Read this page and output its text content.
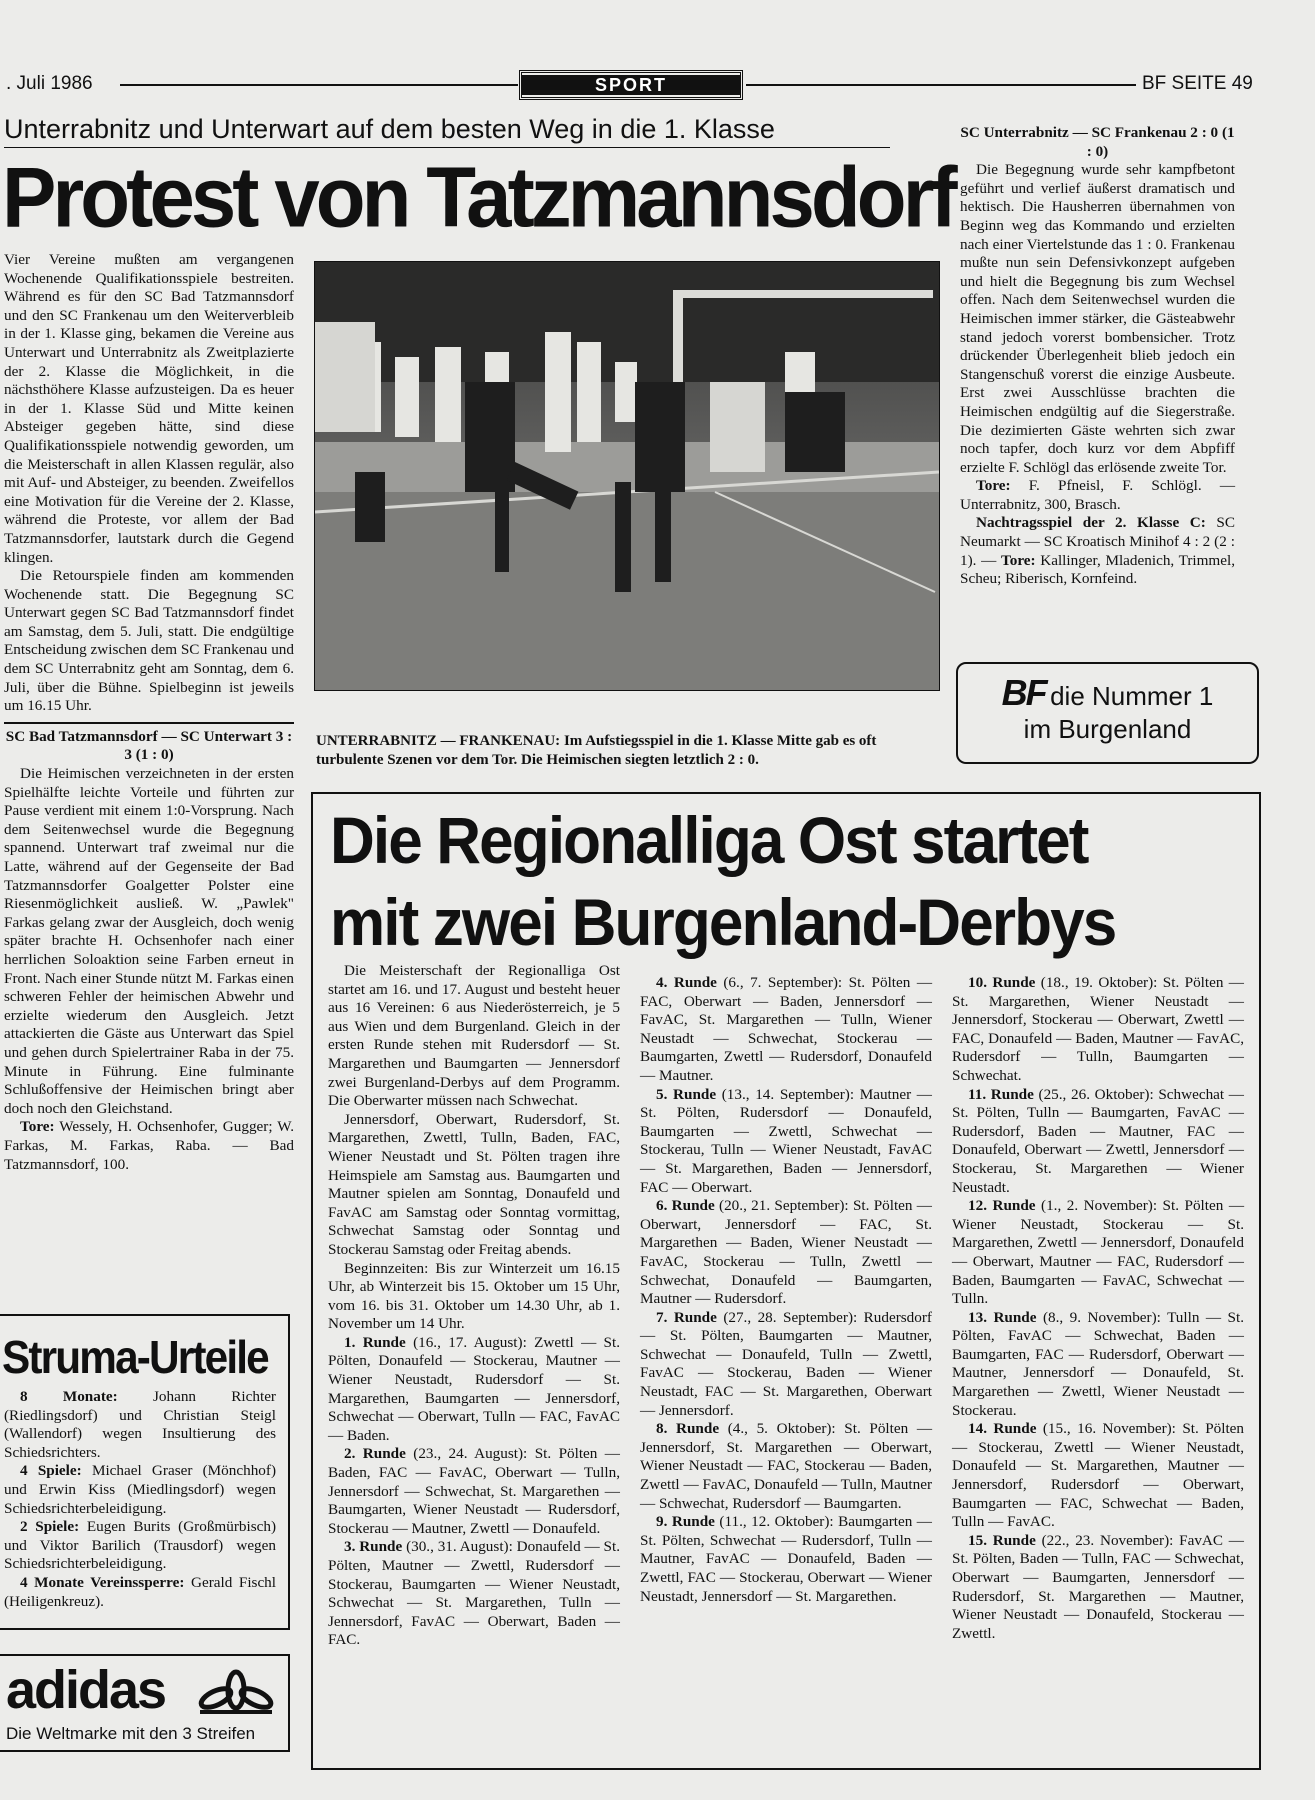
. Juli 1986	SPORT	BF SEITE 49
Unterrabnitz und Unterwart auf dem besten Weg in die 1. Klasse
Protest von Tatzmannsdorf

Vier Vereine mußten am vergangenen Wochenende Qualifikationsspiele bestreiten. Während es für den SC Bad Tatzmannsdorf und den SC Frankenau um den Weiterverbleib in der 1. Klasse ging, bekamen die Vereine aus Unterwart und Unterrabnitz als Zweitplazierte der 2. Klasse die Möglichkeit, in die nächsthöhere Klasse aufzusteigen. Da es heuer in der 1. Klasse Süd und Mitte keinen Absteiger gegeben hätte, sind diese Qualifikationsspiele notwendig geworden, um die Meisterschaft in allen Klassen regulär, also mit Auf- und Absteiger, zu beenden. Zweifellos eine Motivation für die Vereine der 2. Klasse, während die Proteste, vor allem der Bad Tatzmannsdorfer, lautstark durch die Gegend klingen.

Die Retourspiele finden am kommenden Wochenende statt. Die Begegnung SC Unterwart gegen SC Bad Tatzmannsdorf findet am Samstag, dem 5. Juli, statt. Die endgültige Entscheidung zwischen dem SC Frankenau und dem SC Unterrabnitz geht am Sonntag, dem 6. Juli, über die Bühne. Spielbeginn ist jeweils um 16.15 Uhr.

SC Bad Tatzmannsdorf — SC Unterwart 3 : 3 (1 : 0)

Die Heimischen verzeichneten in der ersten Spielhälfte leichte Vorteile und führten zur Pause verdient mit einem 1:0-Vorsprung. Nach dem Seitenwechsel wurde die Begegnung spannend. Unterwart traf zweimal nur die Latte, während auf der Gegenseite der Bad Tatzmannsdorfer Goalgetter Polster eine Riesenmöglichkeit ausließ. W. „Pawlek" Farkas gelang zwar der Ausgleich, doch wenig später brachte H. Ochsenhofer nach einer herrlichen Soloaktion seine Farben erneut in Front. Nach einer Stunde nützt M. Farkas einen schweren Fehler der heimischen Abwehr und erzielte wiederum den Ausgleich. Jetzt attackierten die Gäste aus Unterwart das Spiel und gehen durch Spielertrainer Raba in der 75. Minute in Führung. Eine fulminante Schlußoffensive der Heimischen bringt aber doch noch den Gleichstand.

Tore: Wessely, H. Ochsenhofer, Gugger; W. Farkas, M. Farkas, Raba. — Bad Tatzmannsdorf, 100.

UNTERRABNITZ — FRANKENAU: Im Aufstiegsspiel in die 1. Klasse Mitte gab es oft turbulente Szenen vor dem Tor. Die Heimischen siegten letztlich 2 : 0.

SC Unterrabnitz — SC Frankenau 2 : 0 (1 : 0)

Die Begegnung wurde sehr kampfbetont geführt und verlief äußerst dramatisch und hektisch. Die Hausherren übernahmen von Beginn weg das Kommando und erzielten nach einer Viertelstunde das 1 : 0. Frankenau mußte nun sein Defensivkonzept aufgeben und hielt die Begegnung bis zum Wechsel offen. Nach dem Seitenwechsel wurden die Heimischen immer stärker, die Gästeabwehr stand jedoch vorerst bombensicher. Trotz drückender Überlegenheit blieb jedoch ein Stangenschuß vorerst die einzige Ausbeute. Erst zwei Ausschlüsse brachten die Heimischen endgültig auf die Siegerstraße. Die dezimierten Gäste wehrten sich zwar noch tapfer, doch kurz vor dem Abpfiff erzielte F. Schlögl das erlösende zweite Tor.

Tore: F. Pfneisl, F. Schlögl. — Unterrabnitz, 300, Brasch.

Nachtragsspiel der 2. Klasse C: SC Neumarkt — SC Kroatisch Minihof 4 : 2 (2 : 1). — Tore: Kallinger, Mladenich, Trimmel, Scheu; Riberisch, Kornfeind.

BF die Nummer 1
im Burgenland
Struma-Urteile

8 Monate: Johann Richter (Riedlingsdorf) und Christian Steigl (Wallendorf) wegen Insultierung des Schiedsrichters.

4 Spiele: Michael Graser (Mönchhof) und Erwin Kiss (Miedlingsdorf) wegen Schiedsrichterbeleidigung.

2 Spiele: Eugen Burits (Großmürbisch) und Viktor Barilich (Trausdorf) wegen Schiedsrichterbeleidigung.

4 Monate Vereinssperre: Gerald Fischl (Heiligenkreuz).

adidas
Die Weltmarke mit den 3 Streifen
Die Regionalliga Ost startet
mit zwei Burgenland-Derbys

Die Meisterschaft der Regionalliga Ost startet am 16. und 17. August und besteht heuer aus 16 Vereinen: 6 aus Niederösterreich, je 5 aus Wien und dem Burgenland. Gleich in der ersten Runde stehen mit Rudersdorf — St. Margarethen und Baumgarten — Jennersdorf zwei Burgenland-Derbys auf dem Programm. Die Oberwarter müssen nach Schwechat.

Jennersdorf, Oberwart, Rudersdorf, St. Margarethen, Zwettl, Tulln, Baden, FAC, Wiener Neustadt und St. Pölten tragen ihre Heimspiele am Samstag aus. Baumgarten und Mautner spielen am Sonntag, Donaufeld und FavAC am Samstag oder Sonntag vormittag, Schwechat Samstag oder Sonntag und Stockerau Samstag oder Freitag abends.

Beginnzeiten: Bis zur Winterzeit um 16.15 Uhr, ab Winterzeit bis 15. Oktober um 15 Uhr, vom 16. bis 31. Oktober um 14.30 Uhr, ab 1. November um 14 Uhr.

1. Runde (16., 17. August): Zwettl — St. Pölten, Donaufeld — Stockerau, Mautner — Wiener Neustadt, Rudersdorf — St. Margarethen, Baumgarten — Jennersdorf, Schwechat — Oberwart, Tulln — FAC, FavAC — Baden.

2. Runde (23., 24. August): St. Pölten — Baden, FAC — FavAC, Oberwart — Tulln, Jennersdorf — Schwechat, St. Margarethen — Baumgarten, Wiener Neustadt — Rudersdorf, Stockerau — Mautner, Zwettl — Donaufeld.

3. Runde (30., 31. August): Donaufeld — St. Pölten, Mautner — Zwettl, Rudersdorf — Stockerau, Baumgarten — Wiener Neustadt, Schwechat — St. Margarethen, Tulln — Jennersdorf, FavAC — Oberwart, Baden — FAC.

4. Runde (6., 7. September): St. Pölten — FAC, Oberwart — Baden, Jennersdorf — FavAC, St. Margarethen — Tulln, Wiener Neustadt — Schwechat, Stockerau — Baumgarten, Zwettl — Rudersdorf, Donaufeld — Mautner.

5. Runde (13., 14. September): Mautner — St. Pölten, Rudersdorf — Donaufeld, Baumgarten — Zwettl, Schwechat — Stockerau, Tulln — Wiener Neustadt, FavAC — St. Margarethen, Baden — Jennersdorf, FAC — Oberwart.

6. Runde (20., 21. September): St. Pölten — Oberwart, Jennersdorf — FAC, St. Margarethen — Baden, Wiener Neustadt — FavAC, Stockerau — Tulln, Zwettl — Schwechat, Donaufeld — Baumgarten, Mautner — Rudersdorf.

7. Runde (27., 28. September): Rudersdorf — St. Pölten, Baumgarten — Mautner, Schwechat — Donaufeld, Tulln — Zwettl, FavAC — Stockerau, Baden — Wiener Neustadt, FAC — St. Margarethen, Oberwart — Jennersdorf.

8. Runde (4., 5. Oktober): St. Pölten — Jennersdorf, St. Margarethen — Oberwart, Wiener Neustadt — FAC, Stockerau — Baden, Zwettl — FavAC, Donaufeld — Tulln, Mautner — Schwechat, Rudersdorf — Baumgarten.

9. Runde (11., 12. Oktober): Baumgarten — St. Pölten, Schwechat — Rudersdorf, Tulln — Mautner, FavAC — Donaufeld, Baden — Zwettl, FAC — Stockerau, Oberwart — Wiener Neustadt, Jennersdorf — St. Margarethen.

10. Runde (18., 19. Oktober): St. Pölten — St. Margarethen, Wiener Neustadt — Jennersdorf, Stockerau — Oberwart, Zwettl — FAC, Donaufeld — Baden, Mautner — FavAC, Rudersdorf — Tulln, Baumgarten — Schwechat.

11. Runde (25., 26. Oktober): Schwechat — St. Pölten, Tulln — Baumgarten, FavAC — Rudersdorf, Baden — Mautner, FAC — Donaufeld, Oberwart — Zwettl, Jennersdorf — Stockerau, St. Margarethen — Wiener Neustadt.

12. Runde (1., 2. November): St. Pölten — Wiener Neustadt, Stockerau — St. Margarethen, Zwettl — Jennersdorf, Donaufeld — Oberwart, Mautner — FAC, Rudersdorf — Baden, Baumgarten — FavAC, Schwechat — Tulln.

13. Runde (8., 9. November): Tulln — St. Pölten, FavAC — Schwechat, Baden — Baumgarten, FAC — Rudersdorf, Oberwart — Mautner, Jennersdorf — Donaufeld, St. Margarethen — Zwettl, Wiener Neustadt — Stockerau.

14. Runde (15., 16. November): St. Pölten — Stockerau, Zwettl — Wiener Neustadt, Donaufeld — St. Margarethen, Mautner — Jennersdorf, Rudersdorf — Oberwart, Baumgarten — FAC, Schwechat — Baden, Tulln — FavAC.

15. Runde (22., 23. November): FavAC — St. Pölten, Baden — Tulln, FAC — Schwechat, Oberwart — Baumgarten, Jennersdorf — Rudersdorf, St. Margarethen — Mautner, Wiener Neustadt — Donaufeld, Stockerau — Zwettl.
